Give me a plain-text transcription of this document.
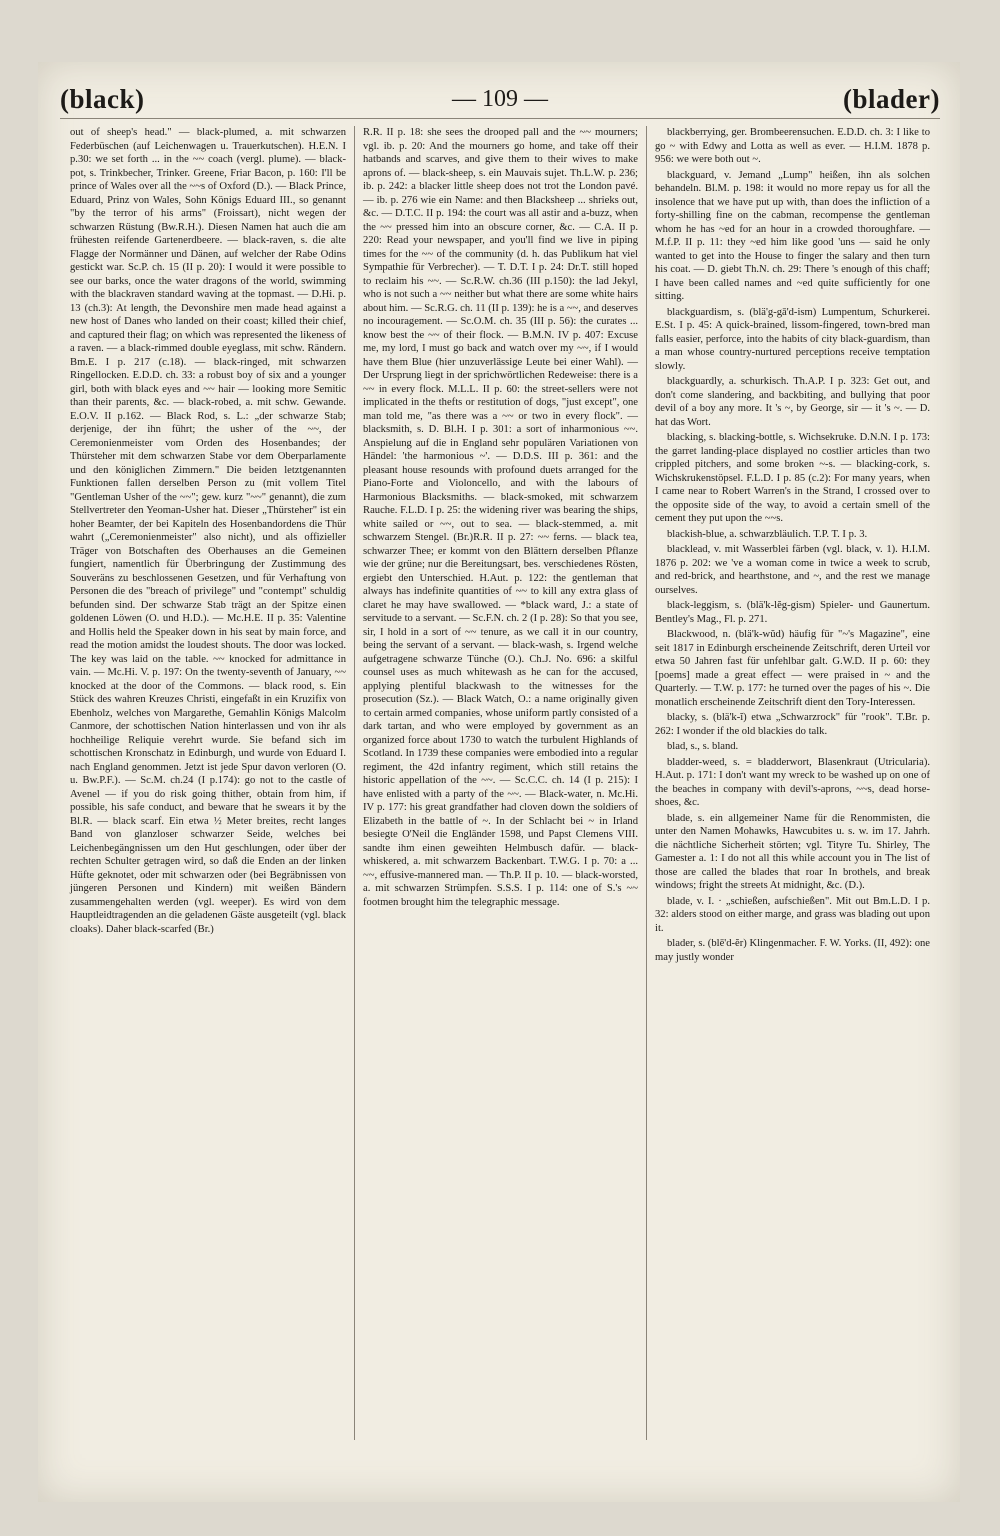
(black)	— 109 —	(blader)

out of sheep's head." — black-plumed, a. mit schwarzen Federbüschen (auf Leichenwagen u. Trauerkutschen). H.E.N. I p.30: we set forth ... in the ~~ coach (vergl. plume). — black-pot, s. Trinkbecher, Trinker. Greene, Friar Bacon, p. 160: I'll be prince of Wales over all the ~~s of Oxford (D.). — Black Prince, Eduard, Prinz von Wales, Sohn Königs Eduard III., so genannt "by the terror of his arms" (Froissart), nicht wegen der schwarzen Rüstung (Bw.R.H.). Diesen Namen hat auch die am frühesten reifende Gartenerdbeere. — black-raven, s. die alte Flagge der Normänner und Dänen, auf welcher der Rabe Odins gestickt war. Sc.P. ch. 15 (II p. 20): I would it were possible to see our barks, once the water dragons of the world, swimming with the blackraven standard waving at the topmast. — D.Hi. p. 13 (ch.3): At length, the Devonshire men made head against a new host of Danes who landed on their coast; killed their chief, and captured their flag; on which was represented the likeness of a raven. — a black-rimmed double eyeglass, mit schw. Rändern. Bm.E. I p. 217 (c.18). — black-ringed, mit schwarzen Ringellocken. E.D.D. ch. 33: a robust boy of six and a younger girl, both with black eyes and ~~ hair — looking more Semitic than their parents, &c. — black-robed, a. mit schw. Gewande. E.O.V. II p.162. — Black Rod, s. L.: „der schwarze Stab; derjenige, der ihn führt; the usher of the ~~, der Ceremonienmeister vom Orden des Hosenbandes; der Thürsteher mit dem schwarzen Stabe vor dem Oberparlamente und den königlichen Zimmern." Die beiden letztgenannten Funktionen fallen derselben Person zu (mit vollem Titel "Gentleman Usher of the ~~"; gew. kurz "~~" genannt), die zum Stellvertreter den Yeoman-Usher hat. Dieser „Thürsteher" ist ein hoher Beamter, der bei Kapiteln des Hosenbandordens die Thür wahrt („Ceremonienmeister" also nicht), und als offizieller Träger von Botschaften des Oberhauses an die Gemeinen fungiert, namentlich für Überbringung der Zustimmung des Souveräns zu beschlossenen Gesetzen, und für Verhaftung von Personen die des "breach of privilege" und "contempt" schuldig befunden sind. Der schwarze Stab trägt an der Spitze einen goldenen Löwen (O. und H.D.). — Mc.H.E. II p. 35: Valentine and Hollis held the Speaker down in his seat by main force, and read the motion amidst the loudest shouts. The door was locked. The key was laid on the table. ~~ knocked for admittance in vain. — Mc.Hi. V. p. 197: On the twenty-seventh of January, ~~ knocked at the door of the Commons. — black rood, s. Ein Stück des wahren Kreuzes Christi, eingefaßt in ein Kruzifix von Ebenholz, welches von Margarethe, Gemahlin Königs Malcolm Canmore, der schottischen Nation hinterlassen und von ihr als hochheilige Reliquie verehrt wurde. Sie befand sich im schottischen Kronschatz in Edinburgh, und wurde von Eduard I. nach England genommen. Jetzt ist jede Spur davon verloren (O. u. Bw.P.F.). — Sc.M. ch.24 (I p.174): go not to the castle of Avenel — if you do risk going thither, obtain from him, if possible, his safe conduct, and beware that he swears it by the Bl.R. — black scarf. Ein etwa ½ Meter breites, recht langes Band von glanzloser schwarzer Seide, welches bei Leichenbegängnissen um den Hut geschlungen, oder über der rechten Schulter getragen wird, so daß die Enden an der linken Hüfte geknotet, oder mit schwarzen oder (bei Begräbnissen von jüngeren Personen und Kindern) mit weißen Bändern zusammengehalten werden (vgl. weeper). Es wird von dem Hauptleidtragenden an die geladenen Gäste ausgeteilt (vgl. black cloaks). Daher black-scarfed (Br.)

R.R. II p. 18: she sees the drooped pall and the ~~ mourners; vgl. ib. p. 20: And the mourners go home, and take off their hatbands and scarves, and give them to their wives to make aprons of. — black-sheep, s. ein Mauvais sujet. Th.L.W. p. 236; ib. p. 242: a blacker little sheep does not trot the London pavé. — ib. p. 276 wie ein Name: and then Blacksheep ... shrieks out, &c. — D.T.C. II p. 194: the court was all astir and a-buzz, when the ~~ pressed him into an obscure corner, &c. — C.A. II p. 220: Read your newspaper, and you'll find we live in piping times for the ~~ of the community (d. h. das Publikum hat viel Sympathie für Verbrecher). — T. D.T. I p. 24: Dr.T. still hoped to reclaim his ~~. — Sc.R.W. ch.36 (III p.150): the lad Jekyl, who is not such a ~~ neither but what there are some white hairs about him. — Sc.R.G. ch. 11 (II p. 139): he is a ~~, and deserves no incouragement. — Sc.O.M. ch. 35 (III p. 56): the curates ... know best the ~~ of their flock. — B.M.N. IV p. 407: Excuse me, my lord, I must go back and watch over my ~~, if I would have them Blue (hier unzuverlässige Leute bei einer Wahl). — Der Ursprung liegt in der sprichwörtlichen Redeweise: there is a ~~ in every flock. M.L.L. II p. 60: the street-sellers were not implicated in the thefts or restitution of dogs, "just except", one man told me, "as there was a ~~ or two in every flock". — blacksmith, s. D. Bl.H. I p. 301: a sort of inharmonious ~~. Anspielung auf die in England sehr populären Variationen von Händel: 'the harmonious ~'. — D.D.S. III p. 361: and the pleasant house resounds with profound duets arranged for the Piano-Forte and Violoncello, and with the labours of Harmonious Blacksmiths. — black-smoked, mit schwarzem Rauche. F.L.D. I p. 25: the widening river was bearing the ships, white sailed or ~~, out to sea. — black-stemmed, a. mit schwarzem Stengel. (Br.)R.R. II p. 27: ~~ ferns. — black tea, schwarzer Thee; er kommt von den Blättern derselben Pflanze wie der grüne; nur die Bereitungsart, bes. verschiedenes Rösten, ergiebt den Unterschied. H.Aut. p. 122: the gentleman that always has indefinite quantities of ~~ to kill any extra glass of claret he may have swallowed. — *black ward, J.: a state of servitude to a servant. — Sc.F.N. ch. 2 (I p. 28): So that you see, sir, I hold in a sort of ~~ tenure, as we call it in our country, being the servant of a servant. — black-wash, s. Irgend welche aufgetragene schwarze Tünche (O.). Ch.J. No. 696: a skilful counsel uses as much whitewash as he can for the accused, applying plentiful blackwash to the witnesses for the prosecution (Sz.). — Black Watch, O.: a name originally given to certain armed companies, whose uniform partly consisted of a dark tartan, and who were employed by government as an organized force about 1730 to watch the turbulent Highlands of Scotland. In 1739 these companies were embodied into a regular regiment, the 42d infantry regiment, which still retains the historic appellation of the ~~. — Sc.C.C. ch. 14 (I p. 215): I have enlisted with a party of the ~~. — Black-water, n. Mc.Hi. IV p. 177: his great grandfather had cloven down the soldiers of Elizabeth in the battle of ~. In der Schlacht bei ~ in Irland besiegte O'Neil die Engländer 1598, und Papst Clemens VIII. sandte ihm einen geweihten Helmbusch dafür. — black-whiskered, a. mit schwarzem Backenbart. T.W.G. I p. 70: a ... ~~, effusive-mannered man. — Th.P. II p. 10. — black-worsted, a. mit schwarzen Strümpfen. S.S.S. I p. 114: one of S.'s ~~ footmen brought him the telegraphic message.

blackberrying, ger. Brombeerensuchen. E.D.D. ch. 3: I like to go ~ with Edwy and Lotta as well as ever. — H.I.M. 1878 p. 956: we were both out ~.

blackguard, v. Jemand „Lump" heißen, ihn als solchen behandeln. Bl.M. p. 198: it would no more repay us for all the insolence that we have put up with, than does the infliction of a forty-shilling fine on the cabman, recompense the gentleman whom he has ~ed for an hour in a crowded thoroughfare. — M.f.P. II p. 11: they ~ed him like good 'uns — said he only wanted to get into the House to finger the salary and then turn his coat. — D. giebt Th.N. ch. 29: There 's enough of this chaff; I have been called names and ~ed quite sufficiently for one sitting.

blackguardism, s. (blä'g-gā'd-ism) Lumpentum, Schurkerei. E.St. I p. 45: A quick-brained, lissom-fingered, town-bred man falls easier, perforce, into the habits of city black-guardism, than a man whose country-nurtured perceptions receive temptation slowly.

blackguardly, a. schurkisch. Th.A.P. I p. 323: Get out, and don't come slandering, and backbiting, and bullying that poor devil of a boy any more. It 's ~, by George, sir — it 's ~. — D. hat das Wort.

blacking, s. blacking-bottle, s. Wichsekruke. D.N.N. I p. 173: the garret landing-place displayed no costlier articles than two crippled pitchers, and some broken ~-s. — blacking-cork, s. Wichskrukenstöpsel. F.L.D. I p. 85 (c.2): For many years, when I came near to Robert Warren's in the Strand, I crossed over to the opposite side of the way, to avoid a certain smell of the cement they put upon the ~~s.

blackish-blue, a. schwarzbläulich. T.P. T. I p. 3.

blacklead, v. mit Wasserblei färben (vgl. black, v. 1). H.I.M. 1876 p. 202: we 've a woman come in twice a week to scrub, and red-brick, and hearthstone, and ~, and the rest we manage ourselves.

black-leggism, s. (blä'k-lĕg-gism) Spieler- und Gaunertum. Bentley's Mag., Fl. p. 271.

Blackwood, n. (blä'k-wŭd) häufig für "~'s Magazine", eine seit 1817 in Edinburgh erscheinende Zeitschrift, deren Urteil vor etwa 50 Jahren fast für unfehlbar galt. G.W.D. II p. 60: they [poems] made a great effect — were praised in ~ and the Quarterly. — T.W. p. 177: he turned over the pages of his ~. Die monatlich erscheinende Zeitschrift dient den Tory-Interessen.

blacky, s. (blä'k-ĭ) etwa „Schwarzrock" für "rook". T.Br. p. 262: I wonder if the old blackies do talk.

blad, s., s. bland.

bladder-weed, s. = bladderwort, Blasenkraut (Utricularia). H.Aut. p. 171: I don't want my wreck to be washed up on one of the beaches in company with devil's-aprons, ~~s, dead horse-shoes, &c.

blade, s. ein allgemeiner Name für die Renommisten, die unter den Namen Mohawks, Hawcubites u. s. w. im 17. Jahrh. die nächtliche Sicherheit störten; vgl. Tityre Tu. Shirley, The Gamester a. 1: I do not all this while account you in The list of those are called the blades that roar In brothels, and break windows; fright the streets At midnight, &c. (D.).

blade, v. I. · „schießen, aufschießen". Mit out Bm.L.D. I p. 32: alders stood on either marge, and grass was blading out upon it.

blader, s. (blē'd-ĕr) Klingenmacher. F. W. Yorks. (II, 492): one may justly wonder
